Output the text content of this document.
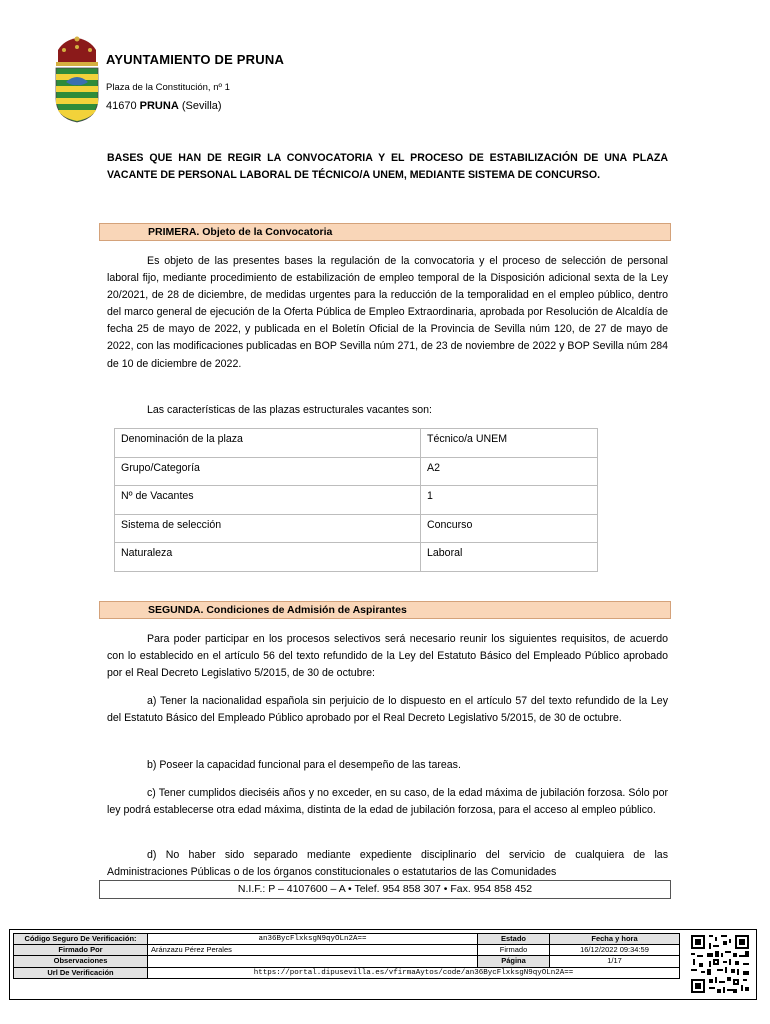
AYUNTAMIENTO DE PRUNA
Plaza de la Constitución, nº 1
41670 PRUNA (Sevilla)
BASES QUE HAN DE REGIR LA CONVOCATORIA Y EL PROCESO DE ESTABILIZACIÓN DE UNA PLAZA VACANTE DE PERSONAL LABORAL DE TÉCNICO/A UNEM, MEDIANTE SISTEMA DE CONCURSO.
PRIMERA. Objeto de la Convocatoria
Es objeto de las presentes bases la regulación de la convocatoria y el proceso de selección de personal laboral fijo, mediante procedimiento de estabilización de empleo temporal de la Disposición adicional sexta de la Ley 20/2021, de 28 de diciembre, de medidas urgentes para la reducción de la temporalidad en el empleo público, dentro del marco general de ejecución de la Oferta Pública de Empleo Extraordinaria, aprobada por Resolución de Alcaldía de fecha 25 de mayo de 2022, y publicada en el Boletín Oficial de la Provincia de Sevilla núm 120, de 27 de mayo de 2022, con las modificaciones publicadas en BOP Sevilla núm 271, de 23 de noviembre de 2022 y BOP Sevilla núm 284 de 10 de diciembre de 2022.
Las características de las plazas estructurales vacantes son:
Denominación de la plaza	Técnico/a UNEM
Grupo/Categoría	A2
Nº de Vacantes	1
Sistema de selección	Concurso
Naturaleza	Laboral
SEGUNDA. Condiciones de Admisión de Aspirantes
Para poder participar en los procesos selectivos será necesario reunir los siguientes requisitos, de acuerdo con lo establecido en el artículo 56 del texto refundido de la Ley del Estatuto Básico del Empleado Público aprobado por el Real Decreto Legislativo 5/2015, de 30 de octubre:
a) Tener la nacionalidad española sin perjuicio de lo dispuesto en el artículo 57 del texto refundido de la Ley del Estatuto Básico del Empleado Público aprobado por el Real Decreto Legislativo 5/2015, de 30 de octubre.
b) Poseer la capacidad funcional para el desempeño de las tareas.
c) Tener cumplidos dieciséis años y no exceder, en su caso, de la edad máxima de jubilación forzosa. Sólo por ley podrá establecerse otra edad máxima, distinta de la edad de jubilación forzosa, para el acceso al empleo público.
d) No haber sido separado mediante expediente disciplinario del servicio de cualquiera de las Administraciones Públicas o de los órganos constitucionales o estatutarios de las Comunidades
N.I.F.: P – 4107600 – A • Telef. 954 858 307 • Fax. 954 858 452
Código Seguro De Verificación:	an36BycFlxksgN9qyOLn2A==	Estado	Fecha y hora
Firmado Por	Aránzazu Pérez Perales	Firmado	16/12/2022 09:34:59
Observaciones		Página	1/17
Url De Verificación	https://portal.dipusevilla.es/vfirmaAytos/code/an36BycFlxksgN9qyOLn2A==		
